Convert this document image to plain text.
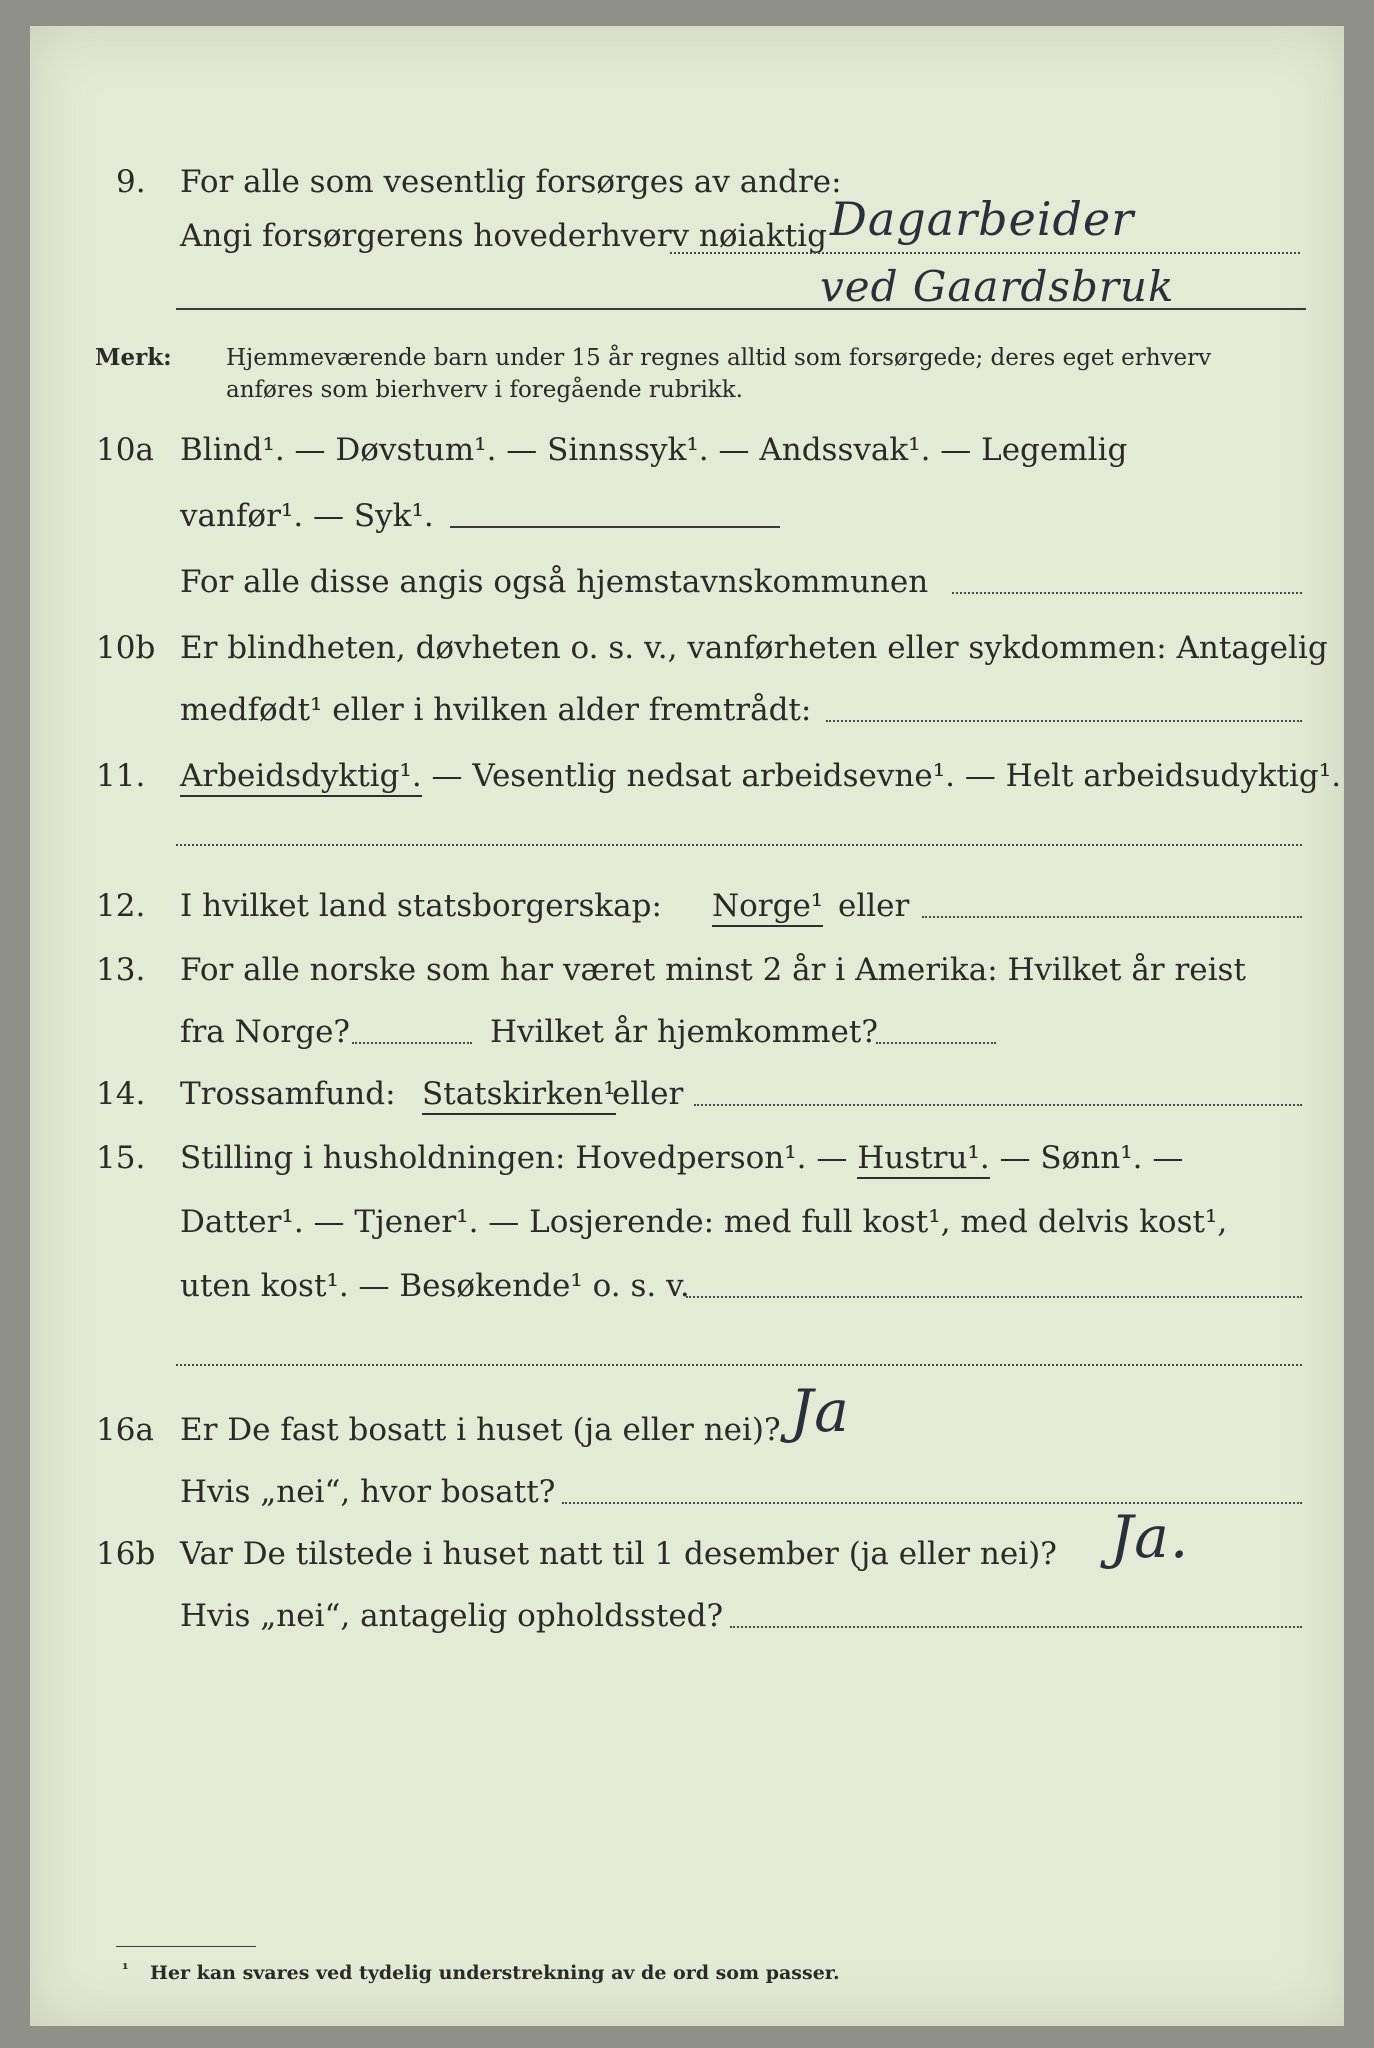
9. For alle som vesentlig forsørges av andre:
Angi forsørgerens hovederhverv nøiaktig Dagarbeider
ved Gaardsbruk
Merk: Hjemmeværende barn under 15 år regnes alltid som forsørgede; deres eget erhverv
anføres som bierhverv i foregående rubrikk.
10a Blind¹. — Døvstum¹. — Sinnssyk¹. — Andssvak¹. — Legemlig
vanfør¹. — Syk¹.
For alle disse angis også hjemstavnskommunen
10b Er blindheten, døvheten o. s. v., vanførheten eller sykdommen: Antagelig
medfødt¹ eller i hvilken alder fremtrådt:
11. Arbeidsdyktig¹. — Vesentlig nedsat arbeidsevne¹. — Helt arbeidsudyktig¹.
12. I hvilket land statsborgerskap: Norge¹ eller
13. For alle norske som har været minst 2 år i Amerika: Hvilket år reist
fra Norge?	Hvilket år hjemkommet?
14. Trossamfund: Statskirken¹
eller
15. Stilling i husholdningen: Hovedperson¹. — Hustru¹. — Sønn¹. —
Datter¹. — Tjener¹. — Losjerende: med full kost¹, med delvis kost¹,
uten kost¹. — Besøkende¹ o. s. v.
16a Er De fast bosatt i huset (ja eller nei)? Ja
Hvis „nei“, hvor bosatt?
16b Var De tilstede i huset natt til 1 desember (ja eller nei)? Ja.
Hvis „nei“, antagelig opholdssted?
¹ Her kan svares ved tydelig understrekning av de ord som passer.
